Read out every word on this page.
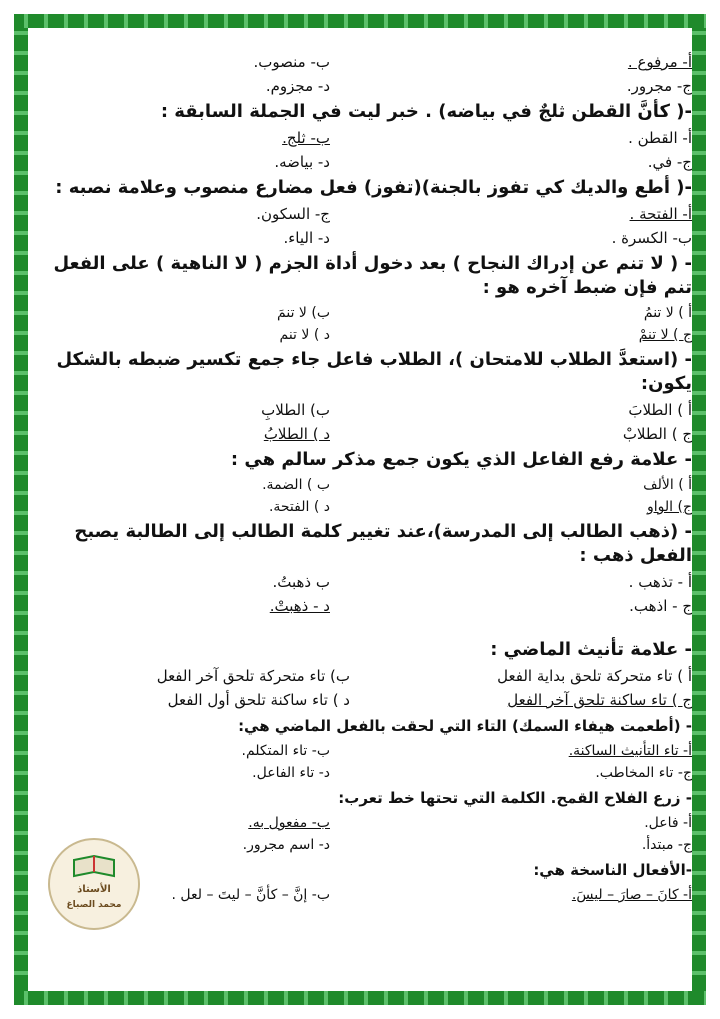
أ- مرفوع .
ب- منصوب.
ج- مجرور.
د- مجزوم.
-( كأنَّ القطن ثلجٌ في بياضه) . خبر ليت في الجملة السابقة :
أ- القطن .
ب- ثلج.
ج- في.
د- بياضه.
-( أطع والديك كي تفوز بالجنة)(تفوز) فعل مضارع منصوب وعلامة نصبه :
أ- الفتحة .
ج- السكون.
ب- الكسرة .
د- الياء.
- ( لا تنم عن إدراك النجاح ) بعد دخول أداة الجزم ( لا الناهية ) على الفعل تنم فإن ضبط آخره هو :
أ ) لا تنمُ
ب) لا تنمَ
ج ) لا تنمْ
د ) لا تنم
- (استعدَّ الطلاب للامتحان )، الطلاب فاعل جاء جمع تكسير ضبطه بالشكل يكون:
أ ) الطلابَ
ب) الطلابِ
ج ) الطلابْ
د ) الطلابُ
- علامة رفع الفاعل الذي يكون جمع مذكر سالم هي :
أ ) الألف
ب ) الضمة.
ج) الواو
د ) الفتحة.
- (ذهب الطالب إلى المدرسة)،عند تغيير كلمة الطالب إلى الطالبة يصبح الفعل ذهب :
أ - تذهب .
ب ذهبتُ.
ج - اذهب.
د - ذهبتْ.
- علامة تأنيث الماضي :
أ ) تاء متحركة تلحق بداية الفعل
ب) تاء متحركة تلحق آخر الفعل
ج ) تاء ساكنة تلحق آخر الفعل
د ) تاء ساكنة تلحق أول الفعل
- (أطعمت هيفاء السمك) التاء التي لحقت بالفعل الماضي هي:
أ- تاء التأنيث الساكنة.
ب- تاء المتكلم.
ج- تاء المخاطب.
د- تاء الفاعل.
- زرع الفلاح القمح. الكلمة التي تحتها خط تعرب:
أ- فاعل.
ب- مفعول به.
ج- مبتدأ.
د- اسم مجرور.
-الأفعال الناسخة هي:
أ- كانَ – صارَ – ليسَ.
ب- إنَّ – كأنَّ – ليتَ – لعل .
الأستاذ
محمد الصباغ
